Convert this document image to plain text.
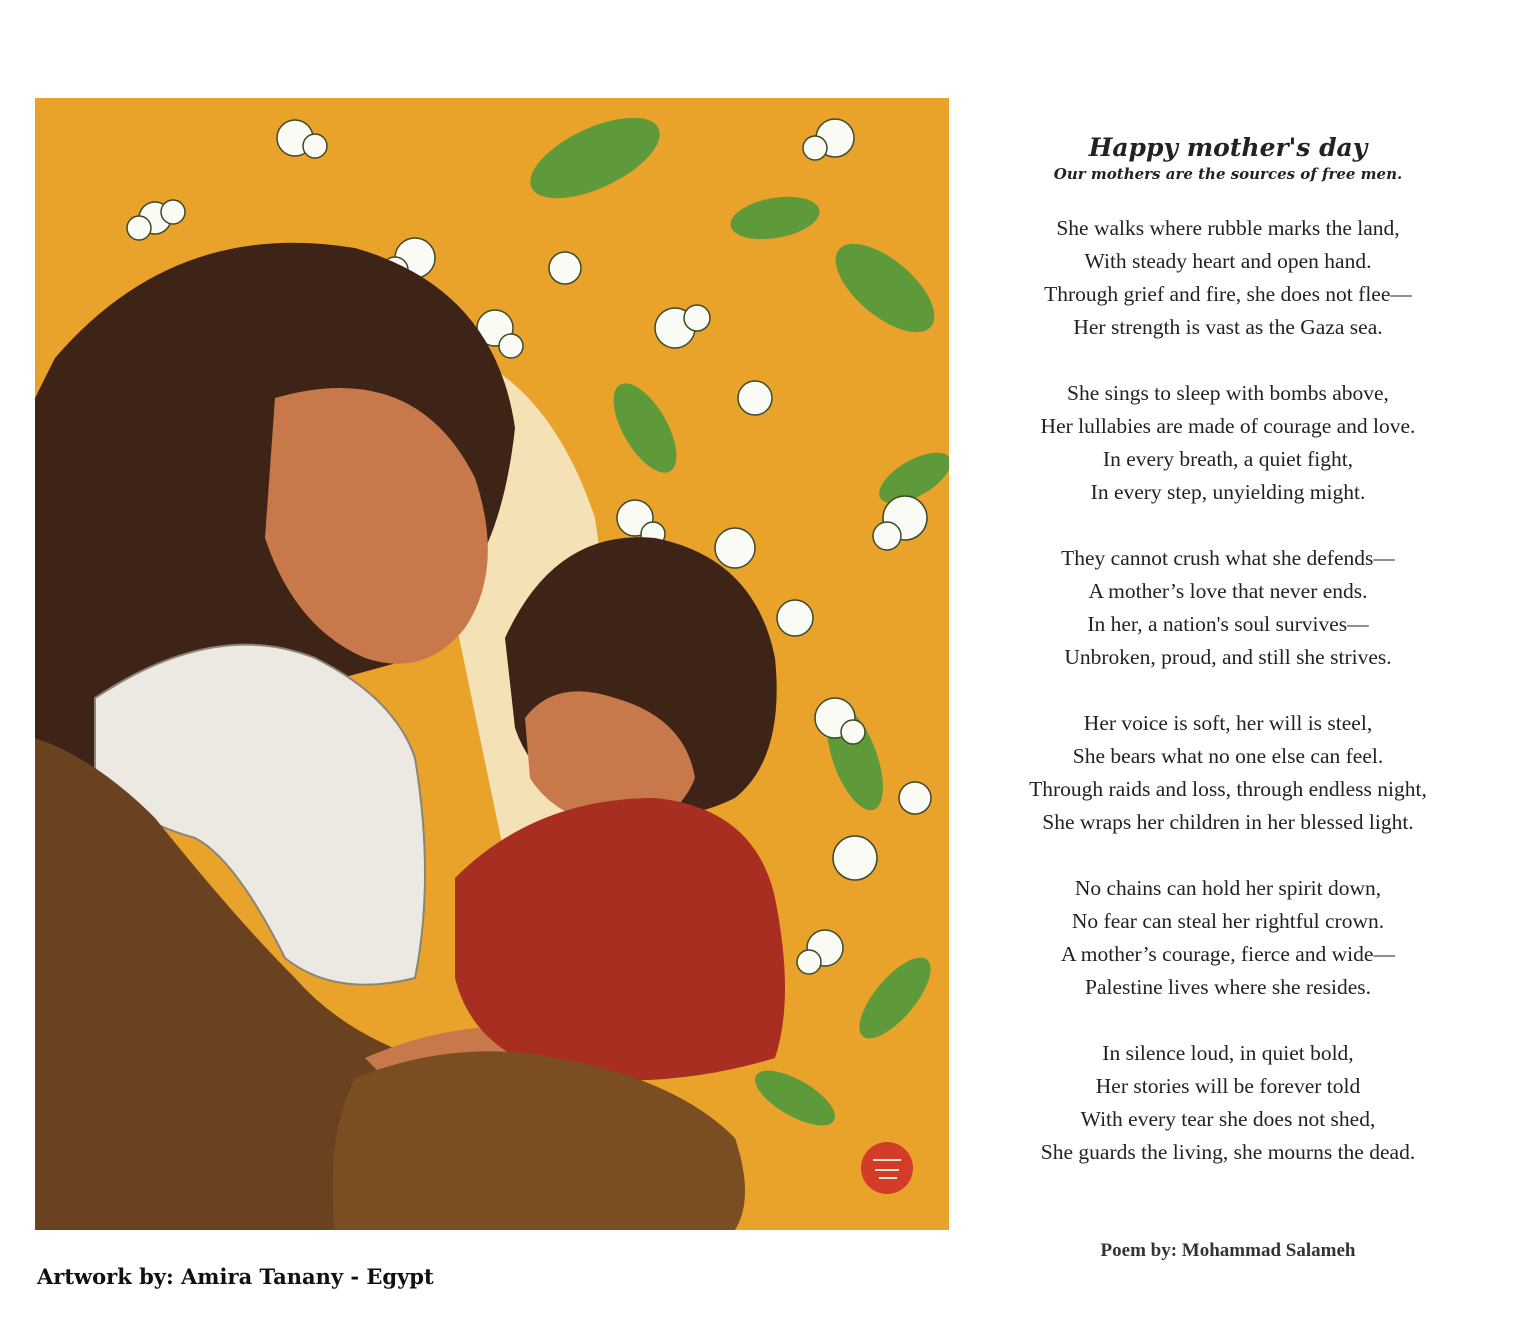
Artwork by: Amira Tanany - Egypt
Happy mother's day
Our mothers are the sources of free men.
She walks where rubble marks the land,
With steady heart and open hand.
Through grief and fire, she does not flee—
Her strength is vast as the Gaza sea.
She sings to sleep with bombs above,
Her lullabies are made of courage and love.
In every breath, a quiet fight,
In every step, unyielding might.
They cannot crush what she defends—
A mother’s love that never ends.
In her, a nation's soul survives—
Unbroken, proud, and still she strives.
Her voice is soft, her will is steel,
She bears what no one else can feel.
Through raids and loss, through endless night,
She wraps her children in her blessed light.
No chains can hold her spirit down,
No fear can steal her rightful crown.
A mother’s courage, fierce and wide—
Palestine lives where she resides.
In silence loud, in quiet bold,
Her stories will be forever told
With every tear she does not shed,
She guards the living, she mourns the dead.
Poem by: Mohammad Salameh
